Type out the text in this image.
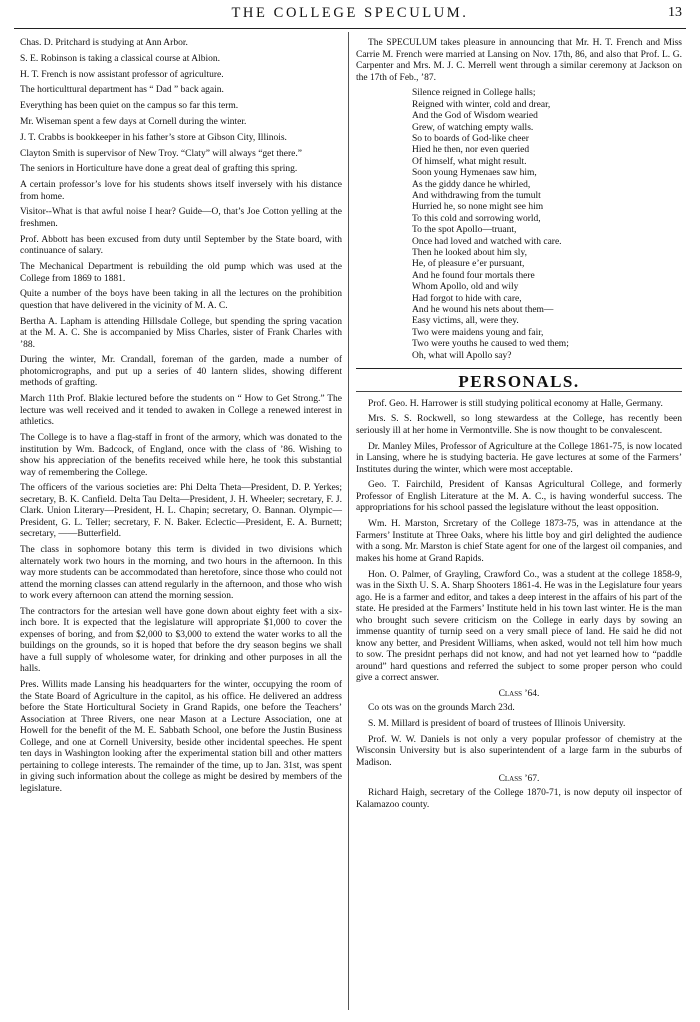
THE COLLEGE SPECULUM.	13

Chas. D. Pritchard is studying at Ann Arbor.

S. E. Robinson is taking a classical course at Albion.

H. T. French is now assistant professor of agriculture.

The horticulttural department has “ Dad ” back again.

Everything has been quiet on the campus so far this term.

Mr. Wiseman spent a few days at Cornell during the winter.

J. T. Crabbs is bookkeeper in his father’s store at Gibson City, Illinois.

Clayton Smith is supervisor of New Troy. “Claty” will always “get there.”

The seniors in Horticulture have done a great deal of grafting this spring.

A certain professor’s love for his students shows itself inversely with his distance from home.

Visitor--What is that awful noise I hear? Guide—O, that’s Joe Cotton yelling at the freshmen.

Prof. Abbott has been excused from duty until September by the State board, with continuance of salary.

The Mechanical Department is rebuilding the old pump which was used at the College from 1869 to 1881.

Quite a number of the boys have been taking in all the lectures on the prohibition question that have delivered in the vicinity of M. A. C.

Bertha A. Lapham is attending Hillsdale College, but spending the spring vacation at the M. A. C. She is accompanied by Miss Charles, sister of Frank Charles with ’88.

During the winter, Mr. Crandall, foreman of the garden, made a number of photomicrographs, and put up a series of 40 lantern slides, showing different methods of grafting.

March 11th Prof. Blakie lectured before the students on “ How to Get Strong.” The lecture was well received and it tended to awaken in College a renewed interest in athletics.

The College is to have a flag-staff in front of the armory, which was donated to the institution by Wm. Badcock, of England, once with the class of ’86. Wishing to show his appreciation of the benefits received while here, he took this substantial way of remembering the College.

The officers of the various societies are: Phi Delta Theta—President, D. P. Yerkes; secretary, B. K. Canfield. Delta Tau Delta—President, J. H. Wheeler; secretary, F. J. Clark. Union Literary—President, H. L. Chapin; secretary, O. Bannan. Olympic—President, G. L. Teller; secretary, F. N. Baker. Eclectic—President, E. A. Burnett; secretary, ——Butterfield.

The class in sophomore botany this term is divided in two divisions which alternately work two hours in the morning, and two hours in the afternoon. In this way more students can be accommodated than heretofore, since those who could not attend the morning classes can attend regularly in the afternoon, and those who wish to work every afternoon can attend the morning session.

The contractors for the artesian well have gone down about eighty feet with a six-inch bore. It is expected that the legislature will appropriate $1,000 to cover the expenses of boring, and from $2,000 to $3,000 to extend the water works to all the buildings on the grounds, so it is hoped that before the dry season begins we shall have a full supply of wholesome water, for drinking and other purposes in all the halls.

Pres. Willits made Lansing his headquarters for the winter, occupying the room of the State Board of Agriculture in the capitol, as his office. He delivered an address before the State Horticultural Society in Grand Rapids, one before the Teachers’ Association at Three Rivers, one near Mason at a Lecture Association, one at Howell for the benefit of the M. E. Sabbath School, one before the Justin Business College, and one at Cornell University, beside other incidental speeches. He spent ten days in Washington looking after the experimental station bill and other matters pertaining to college interests. The remainder of the time, up to Jan. 31st, was spent in giving such information about the college as might be desired by members of the legislature.

The SPECULUM takes pleasure in announcing that Mr. H. T. French and Miss Carrie M. French were married at Lansing on Nov. 17th, 86, and also that Prof. L. G. Carpenter and Mrs. M. J. C. Merrell went through a similar ceremony at Jackson on the 17th of Feb., ’87.

Silence reigned in College halls;
Reigned with winter, cold and drear,
And the God of Wisdom wearied
Grew, of watching empty walls.
So to boards of God-like cheer
Hied he then, nor even queried
Of himself, what might result.
Soon young Hymenaes saw him,
As the giddy dance he whirled,
And withdrawing from the tumult
Hurried he, so none might see him
To this cold and sorrowing world,
To the spot Apollo—truant,
Once had loved and watched with care.
Then he looked about him sly,
He, of pleasure e’er pursuant,
And he found four mortals there
Whom Apollo, old and wily
Had forgot to hide with care,
And he wound his nets about them—
Easy victims, all, were they.
Two were maidens young and fair,
Two were youths he caused to wed them;
Oh, what will Apollo say?
PERSONALS.

Prof. Geo. H. Harrower is still studying political economy at Halle, Germany.

Mrs. S. S. Rockwell, so long stewardess at the College, has recently been seriously ill at her home in Vermontville. She is now thought to be convalescent.

Dr. Manley Miles, Professor of Agriculture at the College 1861-75, is now located in Lansing, where he is studying bacteria. He gave lectures at some of the Farmers’ Institutes during the winter, which were most acceptable.

Geo. T. Fairchild, President of Kansas Agricultural College, and formerly Professor of English Literature at the M. A. C., is having wonderful success. The appropriations for his school passed the legislature without the least opposition.

Wm. H. Marston, Srcretary of the College 1873-75, was in attendance at the Farmers’ Institute at Three Oaks, where his little boy and girl delighted the audience with a song. Mr. Marston is chief State agent for one of the largest oil companies, and makes his home at Grand Rapids.

Hon. O. Palmer, of Grayling, Crawford Co., was a student at the college 1858-9, was in the Sixth U. S. A. Sharp Shooters 1861-4. He was in the Legislature four years ago. He is a farmer and editor, and takes a deep interest in the affairs of his part of the state. He presided at the Farmers’ Institute held in his town last winter. He is the man who brought such severe criticism on the College in early days by sowing an immense quantity of turnip seed on a very small piece of land. He said he did not know any better, and President Williams, when asked, would not tell him how much to sow. The presidnt perhaps did not know, and had not yet learned how to “paddle around” hard questions and referred the subject to some proper person who could give a correct answer.

Class ’64.

Co ots was on the grounds March 23d.

S. M. Millard is president of board of trustees of Illinois University.

Prof. W. W. Daniels is not only a very popular professor of chemistry at the Wisconsin University but is also superintendent of a large farm in the suburbs of Madison.

Class ’67.

Richard Haigh, secretary of the College 1870-71, is now deputy oil inspector of Kalamazoo county.
